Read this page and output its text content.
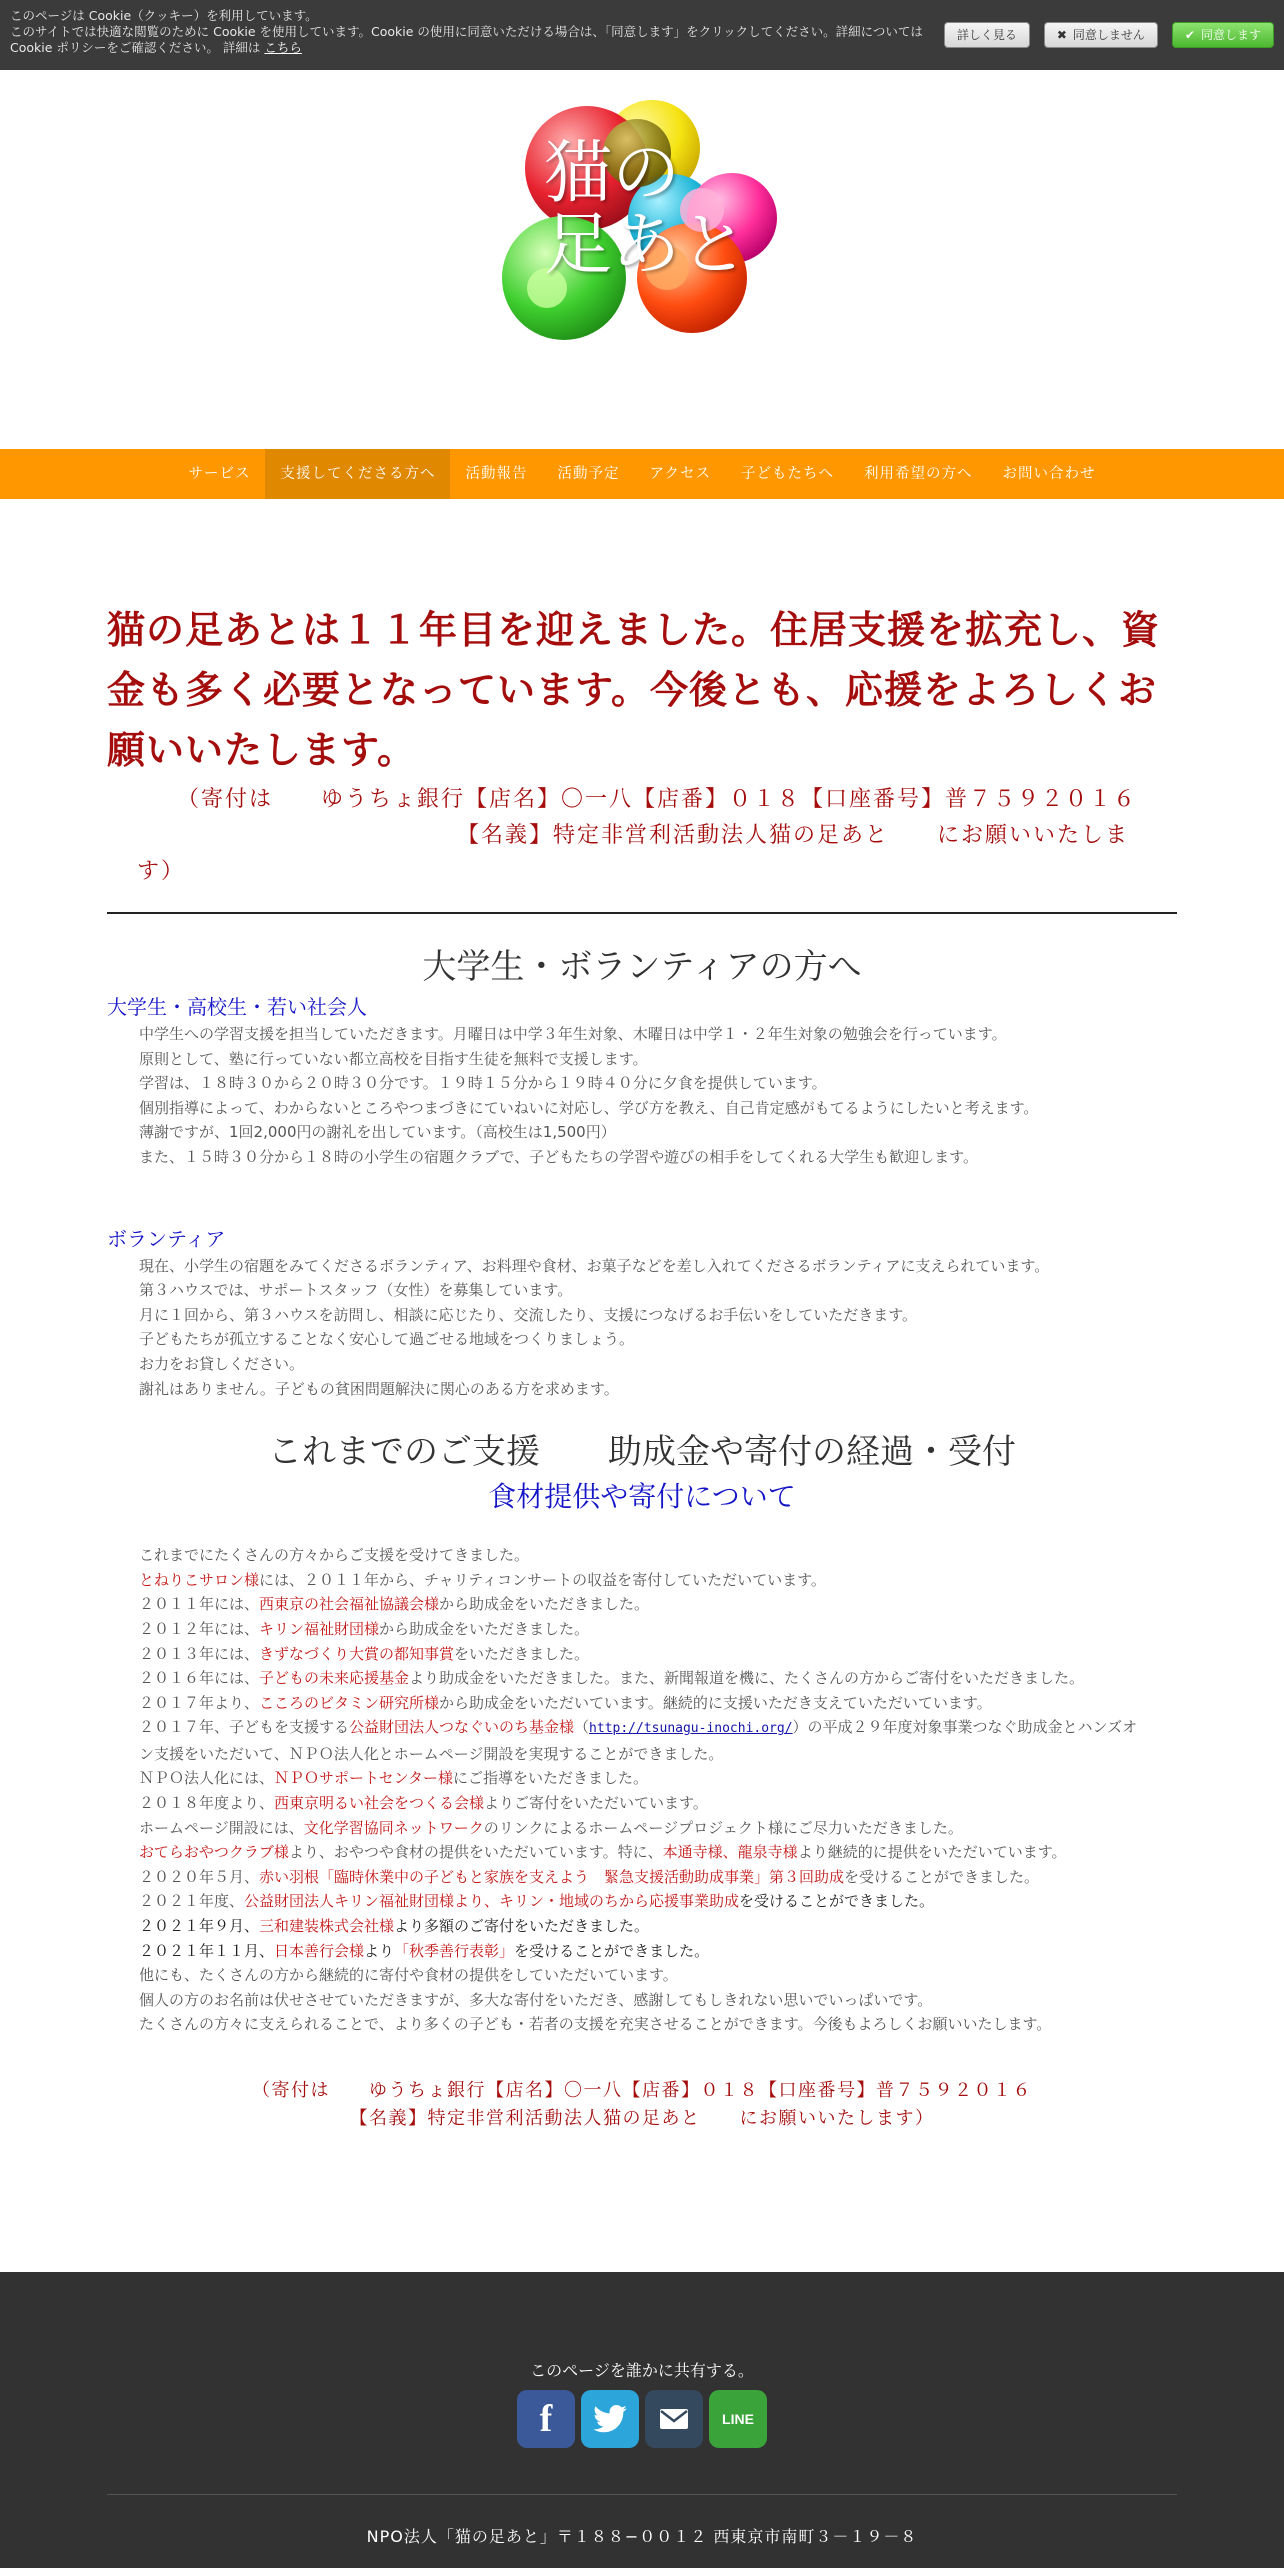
このページは Cookie（クッキー）を利用しています。
このサイトでは快適な閲覧のために Cookie を使用しています。Cookie の使用に同意いただける場合は、「同意します」をクリックしてください。詳細については Cookie ポリシーをご確認ください。 詳細は こちら
詳しく見る	✖ 同意しません	✔ 同意します
猫の
足あと
サービス	支援してくださる方へ	活動報告	活動予定	アクセス	子どもたちへ	利用希望の方へ	お問い合わせ
猫の足あとは１１年目を迎えました。住居支援を拡充し、資金も多く必要となっています。今後とも、応援をよろしくお願いいたします。
（寄付は　　ゆうちょ銀行【店名】〇一八【店番】０１８【口座番号】普７５９２０１６
【名義】特定非営利活動法人猫の足あと　　にお願いいたしま
す）
大学生・ボランティアの方へ
大学生・高校生・若い社会人
中学生への学習支援を担当していただきます。月曜日は中学３年生対象、木曜日は中学１・２年生対象の勉強会を行っています。
原則として、塾に行っていない都立高校を目指す生徒を無料で支援します。
学習は、１８時３０から２０時３０分です。１９時１５分から１９時４０分に夕食を提供しています。
個別指導によって、わからないところやつまづきにていねいに対応し、学び方を教え、自己肯定感がもてるようにしたいと考えます。
薄謝ですが、1回2,000円の謝礼を出しています。（高校生は1,500円）
また、１５時３０分から１８時の小学生の宿題クラブで、子どもたちの学習や遊びの相手をしてくれる大学生も歓迎します。
ボランティア
現在、小学生の宿題をみてくださるボランティア、お料理や食材、お菓子などを差し入れてくださるボランティアに支えられています。
第３ハウスでは、サポートスタッフ（女性）を募集しています。
月に１回から、第３ハウスを訪問し、相談に応じたり、交流したり、支援につなげるお手伝いをしていただきます。
子どもたちが孤立することなく安心して過ごせる地域をつくりましょう。
お力をお貸しください。
謝礼はありません。子どもの貧困問題解決に関心のある方を求めます。
これまでのご支援　　助成金や寄付の経過・受付
食材提供や寄付について
これまでにたくさんの方々からご支援を受けてきました。
とねりこサロン様には、２０１１年から、チャリティコンサートの収益を寄付していただいています。
２０１１年には、西東京の社会福祉協議会様から助成金をいただきました。
２０１２年には、キリン福祉財団様から助成金をいただきました。
２０１３年には、きずなづくり大賞の都知事賞をいただきました。
２０１６年には、子どもの未来応援基金より助成金をいただきました。また、新聞報道を機に、たくさんの方からご寄付をいただきました。
２０１７年より、こころのビタミン研究所様から助成金をいただいています。継続的に支援いただき支えていただいています。
２０１７年、子どもを支援する公益財団法人つなぐいのち基金様（http://tsunagu-inochi.org/）の平成２９年度対象事業つなぐ助成金とハンズオ
ン支援をいただいて、ＮＰＯ法人化とホームページ開設を実現することができました。
ＮＰＯ法人化には、ＮＰＯサポートセンター様にご指導をいただきました。
２０１８年度より、西東京明るい社会をつくる会様よりご寄付をいただいています。
ホームページ開設には、文化学習協同ネットワークのリンクによるホームページプロジェクト様にご尽力いただきました。
おてらおやつクラブ様より、おやつや食材の提供をいただいています。特に、本通寺様、龍泉寺様より継続的に提供をいただいています。
２０２０年５月、赤い羽根「臨時休業中の子どもと家族を支えよう　緊急支援活動助成事業」第３回助成を受けることができました。
２０２１年度、公益財団法人キリン福祉財団様より、キリン・地域のちから応援事業助成を受けることができました。
２０２１年９月、三和建装株式会社様より多額のご寄付をいただきました。
２０２１年１１月、日本善行会様より「秋季善行表彰」を受けることができました。
他にも、たくさんの方から継続的に寄付や食材の提供をしていただいています。
個人の方のお名前は伏せさせていただきますが、多大な寄付をいただき、感謝してもしきれない思いでいっぱいです。
たくさんの方々に支えられることで、より多くの子ども・若者の支援を充実させることができます。今後もよろしくお願いいたします。
（寄付は　　ゆうちょ銀行【店名】〇一八【店番】０１８【口座番号】普７５９２０１６
【名義】特定非営利活動法人猫の足あと　　にお願いいたします）
このページを誰かに共有する。
f	LINE
NPO法人「猫の足あと」〒１８８−００１２ 西東京市南町３－１９－８
